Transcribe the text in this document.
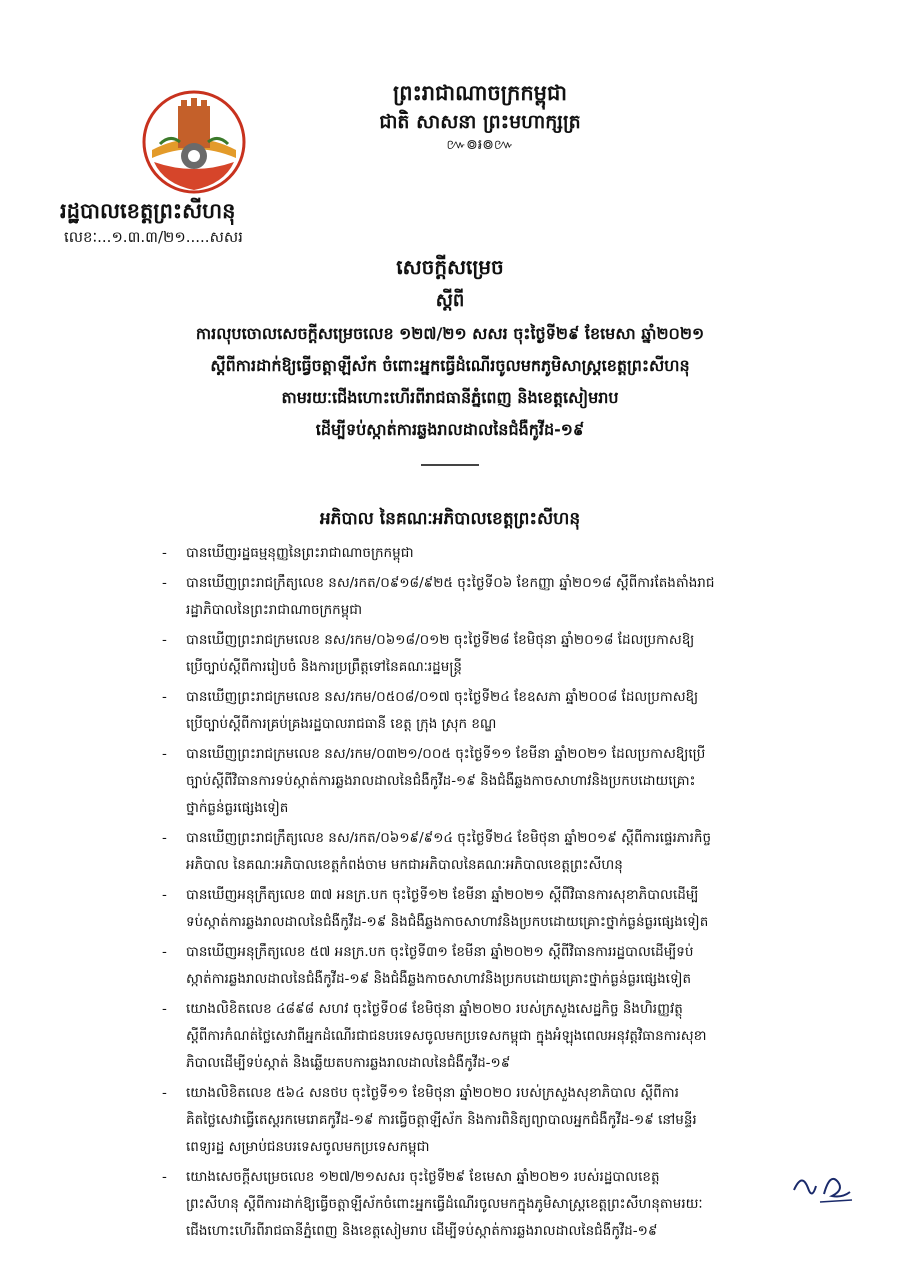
ព្រះរាជាណាចក្រកម្ពុជា
ជាតិ សាសនា ព្រះមហាក្សត្រ
៚៙៛៙៚
រដ្ឋបាលខេត្តព្រះសីហនុ
លេខៈ...១.៣.៣/២១.....សសរ
សេចក្តីសម្រេច
ស្តីពី
ការលុបចោលសេចក្តីសម្រេចលេខ ១២៧/២១ សសរ ចុះថ្ងៃទី២៩ ខែមេសា ឆ្នាំ២០២១
ស្តីពីការដាក់ឱ្យធ្វើចត្តាឡីស័ក ចំពោះអ្នកធ្វើដំណើរចូលមកភូមិសាស្ត្រខេត្តព្រះសីហនុ
តាមរយៈជើងហោះហើរពីរាជធានីភ្នំពេញ និងខេត្តសៀមរាប
ដើម្បីទប់ស្កាត់ការឆ្លងរាលដាលនៃជំងឺកូវីដ-១៩
អភិបាល នៃគណៈអភិបាលខេត្តព្រះសីហនុ
- បានឃើញរដ្ឋធម្មនុញ្ញនៃព្រះរាជាណាចក្រកម្ពុជា
- បានឃើញព្រះរាជក្រឹត្យលេខ នស/រកត/០៩១៨/៩២៥ ចុះថ្ងៃទី០៦ ខែកញ្ញា ឆ្នាំ២០១៨ ស្តីពីការតែងតាំងរាជ
រដ្ឋាភិបាលនៃព្រះរាជាណាចក្រកម្ពុជា
- បានឃើញព្រះរាជក្រមលេខ នស/រកម/០៦១៨/០១២ ចុះថ្ងៃទី២៨ ខែមិថុនា ឆ្នាំ២០១៨ ដែលប្រកាសឱ្យ
ប្រើច្បាប់ស្តីពីការរៀបចំ និងការប្រព្រឹត្តទៅនៃគណៈរដ្ឋមន្ត្រី
- បានឃើញព្រះរាជក្រមលេខ នស/រកម/០៥០៨/០១៧ ចុះថ្ងៃទី២៤ ខែឧសភា ឆ្នាំ២០០៨ ដែលប្រកាសឱ្យ
ប្រើច្បាប់ស្តីពីការគ្រប់គ្រងរដ្ឋបាលរាជធានី ខេត្ត ក្រុង ស្រុក ខណ្ឌ
- បានឃើញព្រះរាជក្រមលេខ នស/រកម/០៣២១/០០៥ ចុះថ្ងៃទី១១ ខែមីនា ឆ្នាំ២០២១ ដែលប្រកាសឱ្យប្រើ
ច្បាប់ស្តីពីវិធានការទប់ស្កាត់ការឆ្លងរាលដាលនៃជំងឺកូវីដ-១៩ និងជំងឺឆ្លងកាចសាហាវនិងប្រកបដោយគ្រោះ
ថ្នាក់ធ្ងន់ធ្ងរផ្សេងទៀត
- បានឃើញព្រះរាជក្រឹត្យលេខ នស/រកត/០៦១៩/៩១៤ ចុះថ្ងៃទី២៤ ខែមិថុនា ឆ្នាំ២០១៩ ស្តីពីការផ្ទេរភារកិច្ច
អភិបាល នៃគណៈអភិបាលខេត្តកំពង់ចាម មកជាអភិបាលនៃគណៈអភិបាលខេត្តព្រះសីហនុ
- បានឃើញអនុក្រឹត្យលេខ ៣៧ អនក្រ.បក ចុះថ្ងៃទី១២ ខែមីនា ឆ្នាំ២០២១ ស្តីពីវិធានការសុខាភិបាលដើម្បី
ទប់ស្កាត់ការឆ្លងរាលដាលនៃជំងឺកូវីដ-១៩ និងជំងឺឆ្លងកាចសាហាវនិងប្រកបដោយគ្រោះថ្នាក់ធ្ងន់ធ្ងរផ្សេងទៀត
- បានឃើញអនុក្រឹត្យលេខ ៥៧ អនក្រ.បក ចុះថ្ងៃទី៣១ ខែមីនា ឆ្នាំ២០២១ ស្តីពីវិធានការរដ្ឋបាលដើម្បីទប់
ស្កាត់ការឆ្លងរាលដាលនៃជំងឺកូវីដ-១៩ និងជំងឺឆ្លងកាចសាហាវនិងប្រកបដោយគ្រោះថ្នាក់ធ្ងន់ធ្ងរផ្សេងទៀត
- យោងលិខិតលេខ ៤៨៩៨ សហវ ចុះថ្ងៃទី០៨ ខែមិថុនា ឆ្នាំ២០២០ របស់ក្រសួងសេដ្ឋកិច្ច និងហិរញ្ញវត្ថុ
ស្តីពីការកំណត់ថ្លៃសេវាពីអ្នកដំណើរជាជនបរទេសចូលមកប្រទេសកម្ពុជា ក្នុងអំឡុងពេលអនុវត្តវិធានការសុខា
ភិបាលដើម្បីទប់ស្កាត់ និងឆ្លើយតបការឆ្លងរាលដាលនៃជំងឺកូវីដ-១៩
- យោងលិខិតលេខ ៥៦៤ សនថប ចុះថ្ងៃទី១១ ខែមិថុនា ឆ្នាំ២០២០ របស់ក្រសួងសុខាភិបាល ស្តីពីការ
គិតថ្លៃសេវាធ្វើតេស្តរកមេរោគកូវីដ-១៩ ការធ្វើចត្តាឡីស័ក និងការពិនិត្យព្យាបាលអ្នកជំងឺកូវីដ-១៩ នៅមន្ទីរ
ពេទ្យរដ្ឋ សម្រាប់ជនបរទេសចូលមកប្រទេសកម្ពុជា
- យោងសេចក្តីសម្រេចលេខ ១២៧/២១សសរ ចុះថ្ងៃទី២៩ ខែមេសា ឆ្នាំ២០២១ របស់រដ្ឋបាលខេត្ត
ព្រះសីហនុ ស្តីពីការដាក់ឱ្យធ្វើចត្តាឡីស័កចំពោះអ្នកធ្វើដំណើរចូលមកក្នុងភូមិសាស្ត្រខេត្តព្រះសីហនុតាមរយៈ
ជើងហោះហើរពីរាជធានីភ្នំពេញ និងខេត្តសៀមរាប ដើម្បីទប់ស្កាត់ការឆ្លងរាលដាលនៃជំងឺកូវីដ-១៩
